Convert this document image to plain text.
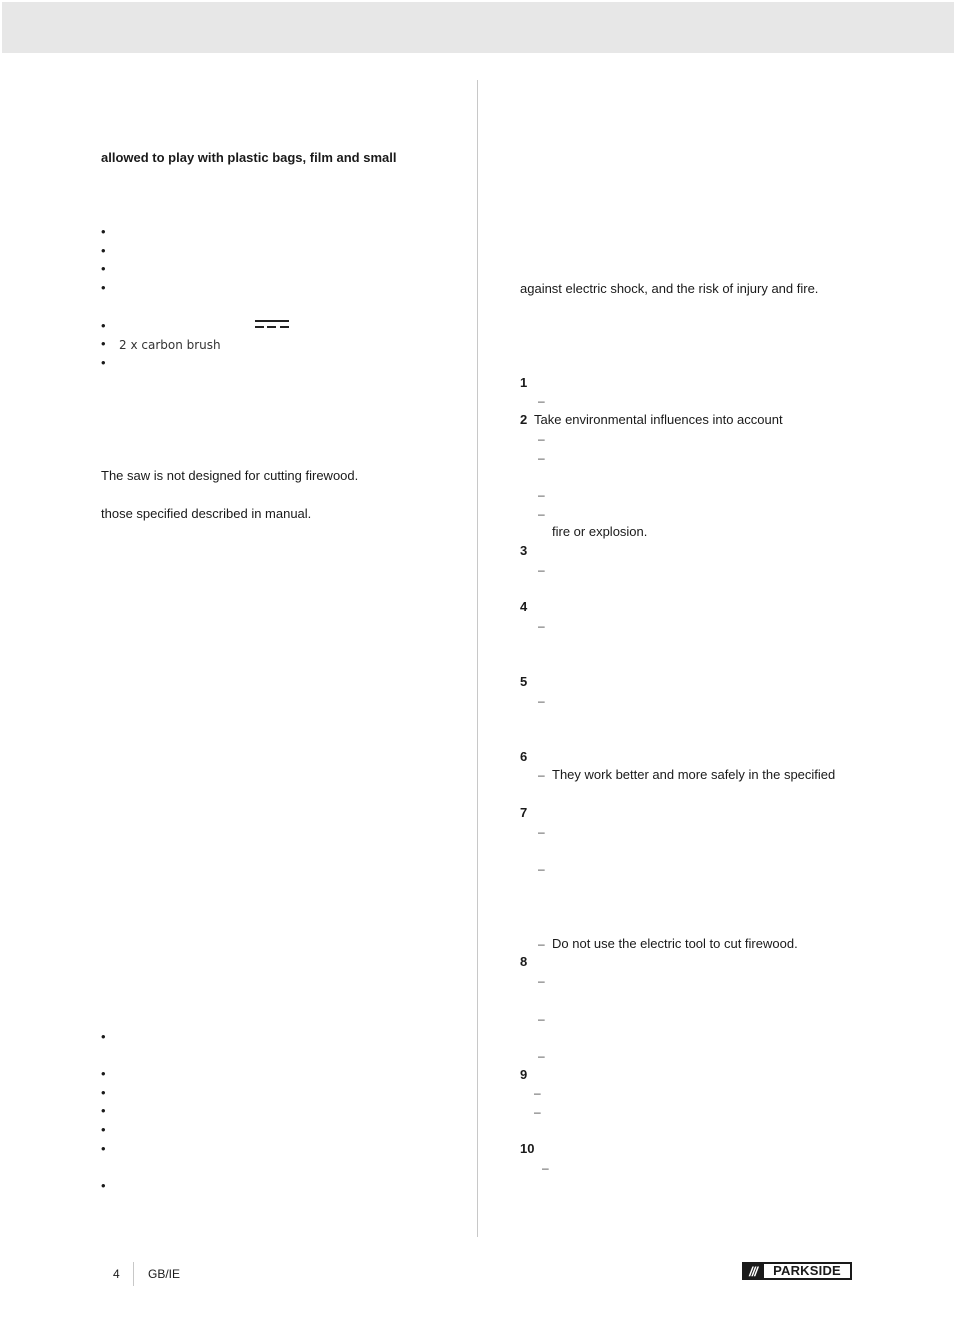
allowed to play with plastic bags, film and small
•
•
•
•
•
• 2 x carbon brush
•
The saw is not designed for cutting firewood.
those specified described in manual.
•
•
•
•
•
•
•
against electric shock, and the risk of injury and fire.
1
–
2 Take environmental influences into account
–
–
–
–
fire or explosion.
3
–
4
–
5
–
6
– They work better and more safely in the specified
7
–
–
– Do not use the electric tool to cut firewood.
8
–
–
–
9
–
–
10
–
4 GB/IE	///	PARKSIDE
